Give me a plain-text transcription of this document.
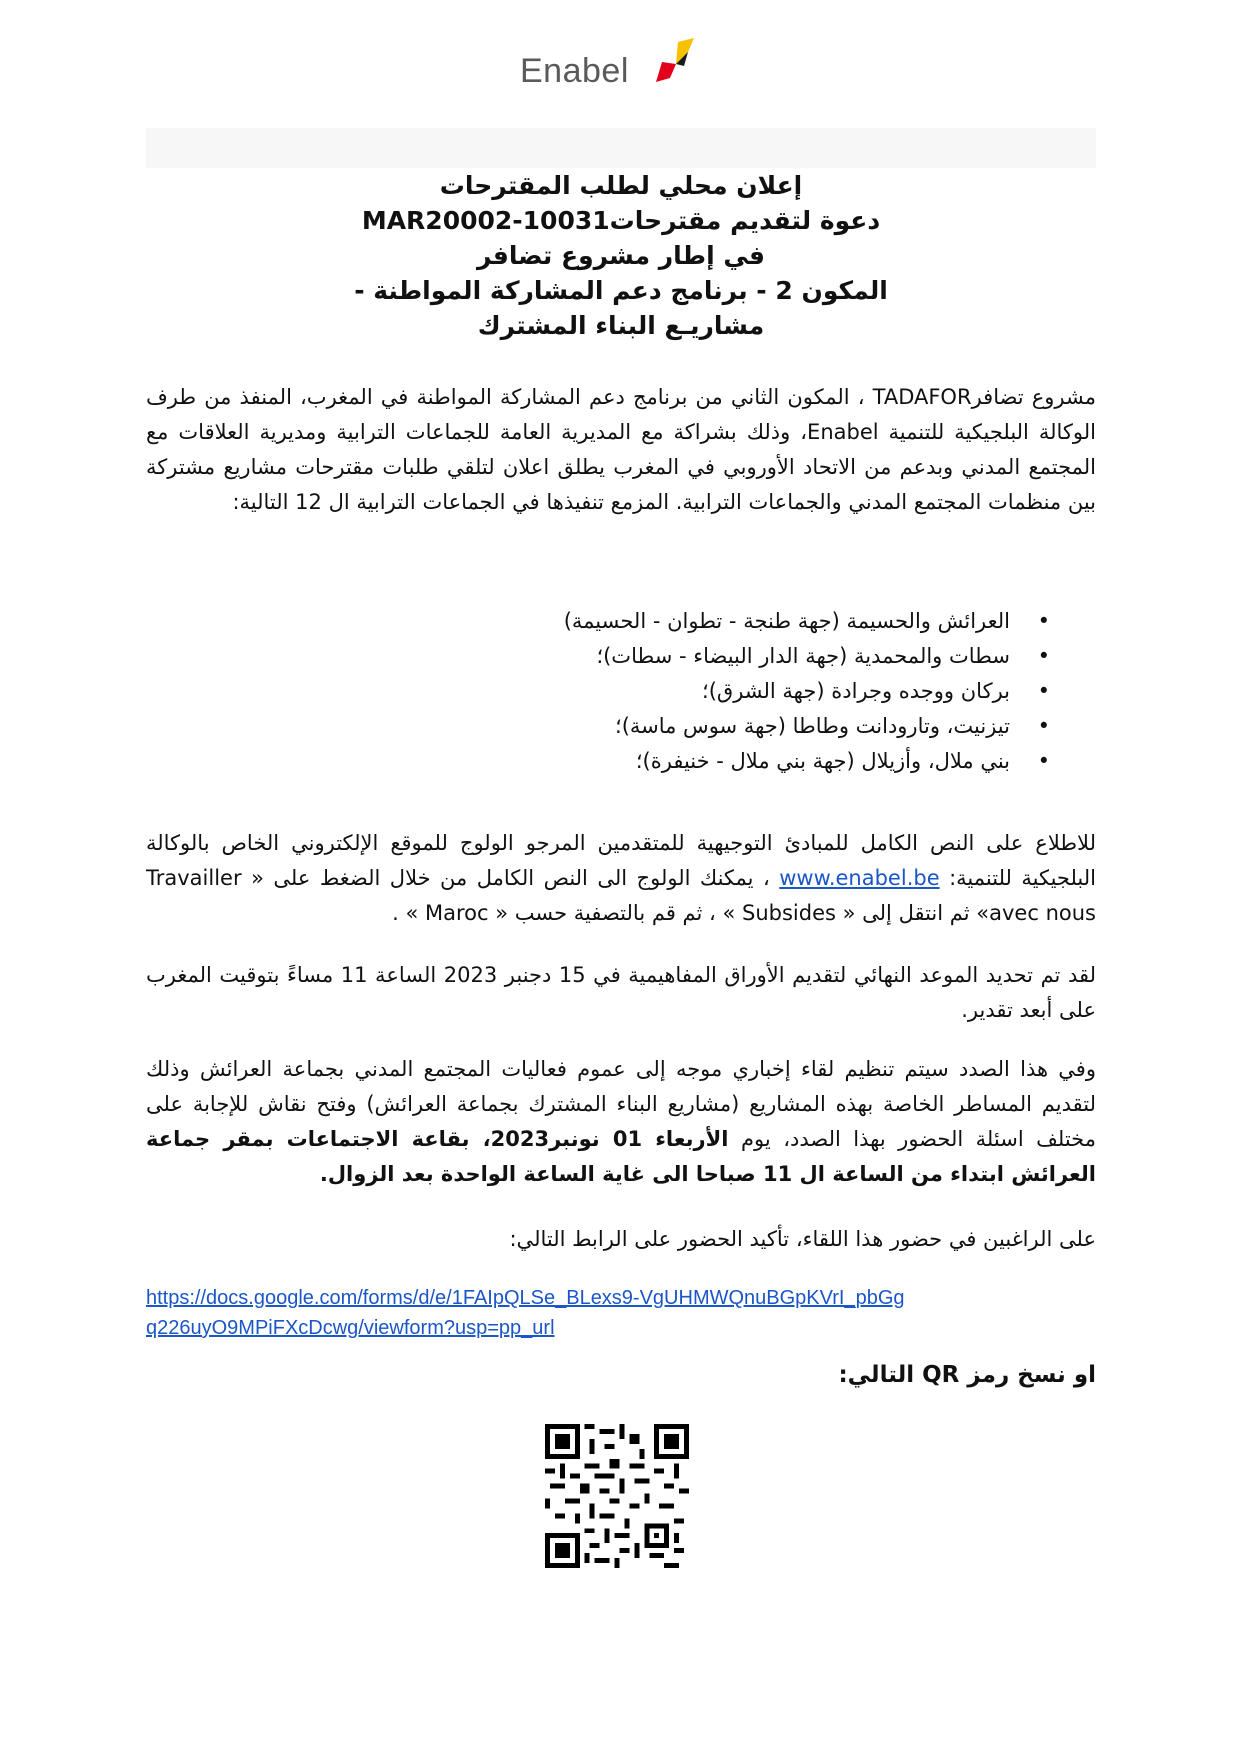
Enabel
إعلان محلي لطلب المقترحات
دعوة لتقديم مقترحاتMAR20002-10031
في إطار مشروع تضافر
المكون 2 - برنامج دعم المشاركة المواطنة -
مشاريـع البناء المشترك

مشروع تضافرTADAFOR ، المكون الثاني من برنامج دعم المشاركة المواطنة في المغرب، المنفذ من طرف الوكالة البلجيكية للتنمية Enabel، وذلك بشراكة مع المديرية العامة للجماعات الترابية ومديرية العلاقات مع المجتمع المدني وبدعم من الاتحاد الأوروبي في المغرب يطلق اعلان لتلقي طلبات مقترحات مشاريع مشتركة بين منظمات المجتمع المدني والجماعات الترابية. المزمع تنفيذها في الجماعات الترابية ال 12 التالية:

• العرائش والحسيمة (جهة طنجة - تطوان - الحسيمة)
• سطات والمحمدية (جهة الدار البيضاء - سطات)؛
• بركان ووجده وجرادة (جهة الشرق)؛
• تيزنيت، وتارودانت وطاطا (جهة سوس ماسة)؛
• بني ملال، وأزيلال (جهة بني ملال - خنيفرة)؛

للاطلاع على النص الكامل للمبادئ التوجيهية للمتقدمين المرجو الولوج للموقع الإلكتروني الخاص بالوكالة البلجيكية للتنمية: www.enabel.be ، يمكنك الولوج الى النص الكامل من خلال الضغط على « Travailler avec nous» ثم انتقل إلى « Subsides » ، ثم قم بالتصفية حسب « Maroc » .

لقد تم تحديد الموعد النهائي لتقديم الأوراق المفاهيمية في 15 دجنبر 2023 الساعة 11 مساءً بتوقيت المغرب على أبعد تقدير.

وفي هذا الصدد سيتم تنظيم لقاء إخباري موجه إلى عموم فعاليات المجتمع المدني بجماعة العرائش وذلك لتقديم المساطر الخاصة بهذه المشاريع (مشاريع البناء المشترك بجماعة العرائش) وفتح نقاش للإجابة على مختلف اسئلة الحضور بهذا الصدد، يوم الأربعاء 01 نونبر2023، بقاعة الاجتماعات بمقر جماعة العرائش ابتداء من الساعة ال 11 صباحا الى غاية الساعة الواحدة بعد الزوال.

على الراغبين في حضور هذا اللقاء، تأكيد الحضور على الرابط التالي:

https://docs.google.com/forms/d/e/1FAIpQLSe_BLexs9-VgUHMWQnuBGpKVrI_pbGgq226uyO9MPiFXcDcwg/viewform?usp=pp_url
او نسخ رمز QR التالي:
